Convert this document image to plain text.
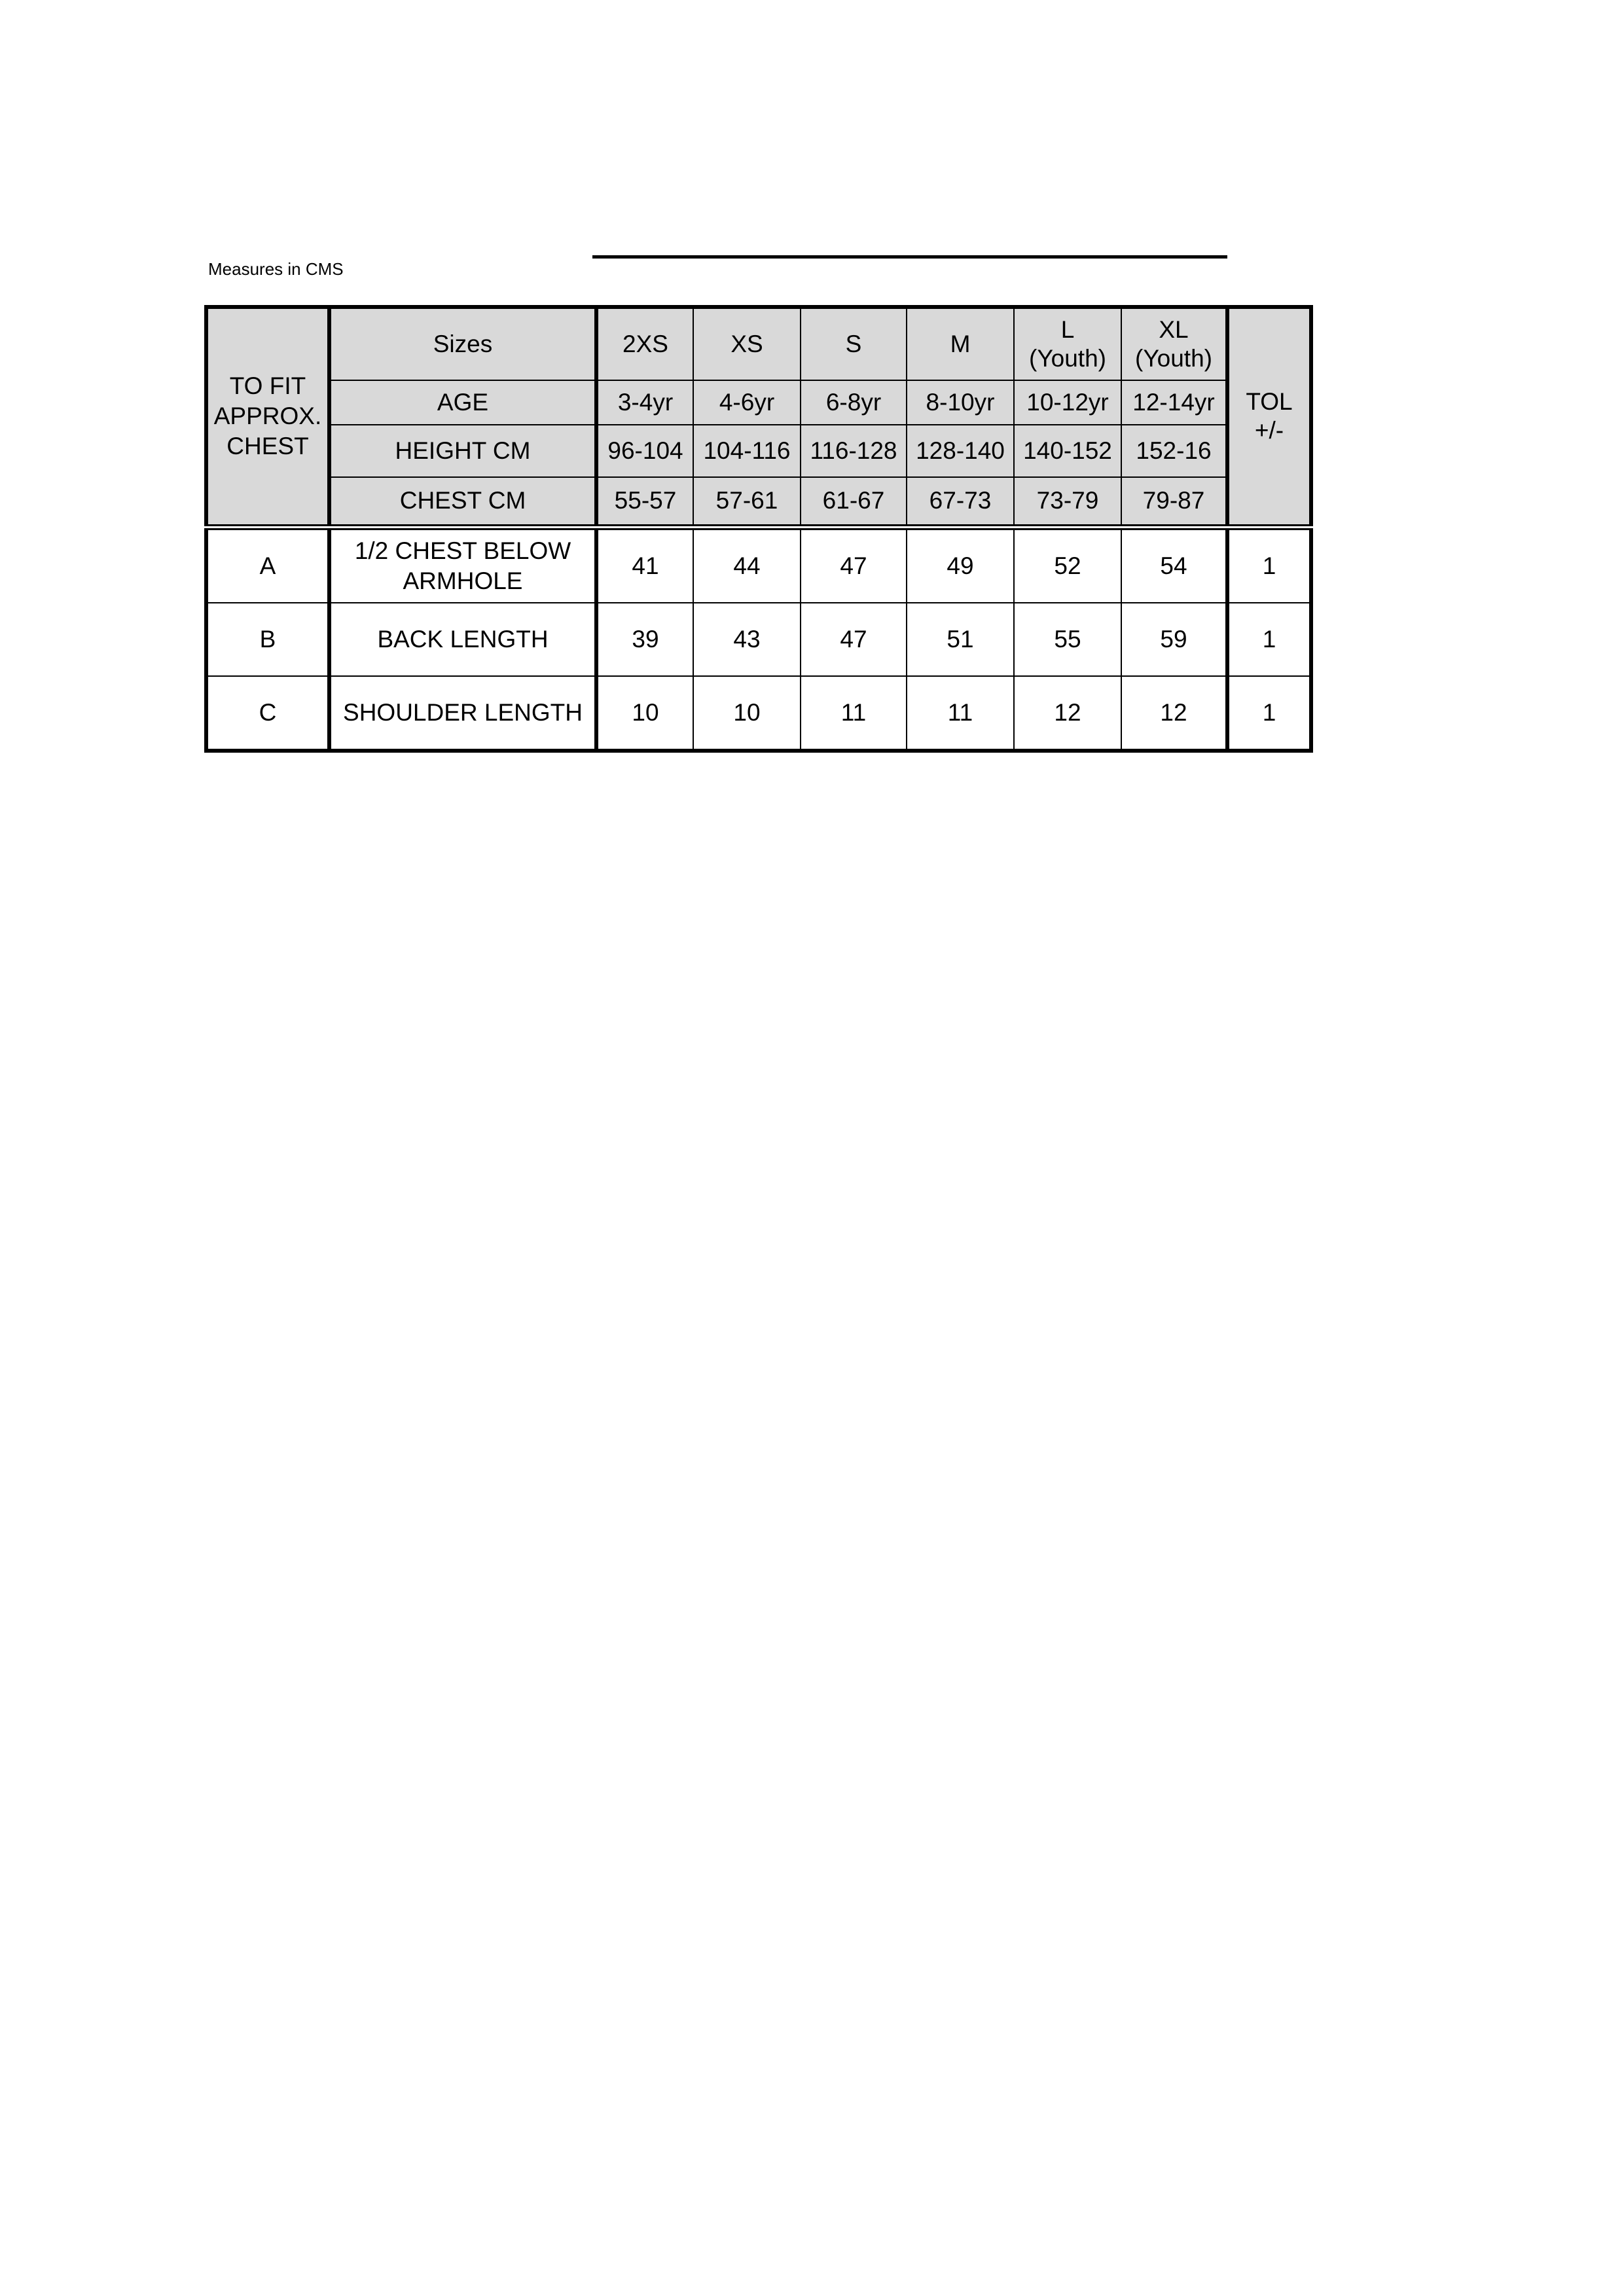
Measures in CMS
TO FIT APPROX. CHEST	Sizes	2XS	XS	S	M	L (Youth)	XL (Youth)	TOL +/-
	AGE	3-4yr	4-6yr	6-8yr	8-10yr	10-12yr	12-14yr	
	HEIGHT CM	96-104	104-116	116-128	128-140	140-152	152-16	
	CHEST CM	55-57	57-61	61-67	67-73	73-79	79-87	
A	1/2 CHEST BELOW ARMHOLE	41	44	47	49	52	54	1
B	BACK LENGTH	39	43	47	51	55	59	1
C	SHOULDER LENGTH	10	10	11	11	12	12	1
